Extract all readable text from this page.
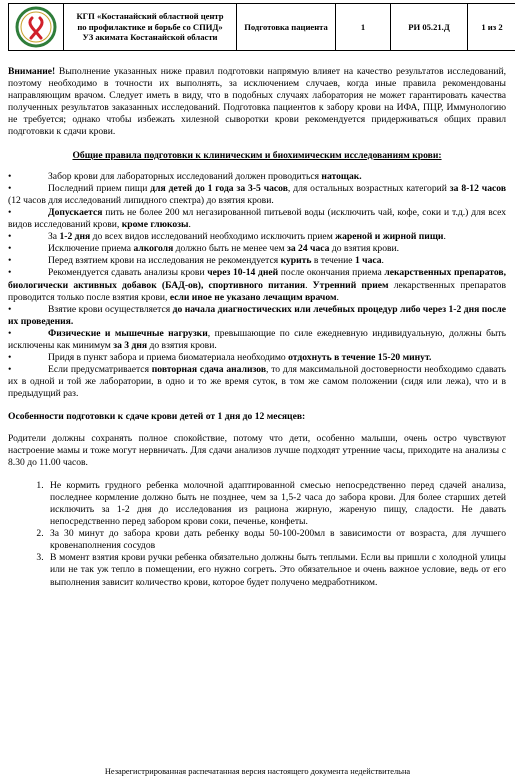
КГП «Костанайский областной центр
по профилактике и борьбе со СПИД»
УЗ акимата Костанайской области
	Подготовка пациента	1	РИ 05.21.Д	1 из 2

Внимание! Выполнение указанных ниже правил подготовки напрямую влияет на качество результатов исследований, поэтому необходимо в точности их выполнять, за исключением случаев, когда иные правила рекомендованы направляющим врачом. Следует иметь в виду, что в подобных случаях лаборатория не может гарантировать качества полученных результатов заказанных исследований. Подготовка пациентов к забору крови на ИФА, ПЦР, Иммунологию не требуется; однако чтобы избежать хилезной сыворотки крови рекомендуется придерживаться общих правил подготовки к сдачи крови.

Общие правила подготовки к клиническим и биохимическим исследованиям крови:

•	Забор крови для лабораторных исследований должен проводиться натощак.

•	Последний прием пищи для детей до 1 года за 3-5 часов, для остальных возрастных категорий за 8-12 часов (12 часов для исследований липидного спектра) до взятия крови.

•	Допускается пить не более 200 мл негазированной питьевой воды (исключить чай, кофе, соки и т.д.) для всех видов исследований крови, кроме глюкозы.

•	За 1-2 дня до всех видов исследований необходимо исключить прием жареной и жирной пищи.

•	Исключение приема алкоголя должно быть не менее чем за 24 часа до взятия крови.

•	Перед взятием крови на исследования не рекомендуется курить в течение 1 часа.

•	Рекомендуется сдавать анализы крови через 10-14 дней после окончания приема лекарственных препаратов, биологически активных добавок (БАД-ов), спортивного питания. Утренний прием лекарственных препаратов проводится только после взятия крови, если иное не указано лечащим врачом.

•	Взятие крови осуществляется до начала диагностических или лечебных процедур либо через 1-2 дня после их проведения.

•	Физические и мышечные нагрузки, превышающие по силе ежедневную индивидуальную, должны быть исключены как минимум за 3 дня до взятия крови.

•	Придя в пункт забора и приема биоматериала необходимо отдохнуть в течение 15-20 минут.

•	Если предусматривается повторная сдача анализов, то для максимальной достоверности необходимо сдавать их в одной и той же лаборатории, в одно и то же время суток, в том же самом положении (сидя или лежа), что и в предыдущий раз.

Особенности подготовки к сдаче крови детей от 1 дня до 12 месяцев:

Родители должны сохранять полное спокойствие, потому что дети, особенно малыши, очень остро чувствуют настроение мамы и тоже могут нервничать. Для сдачи анализов лучше подходят утренние часы, приходите на анализы с 8.30 до 11.00 часов.

1. Не кормить грудного ребенка молочной адаптированной смесью непосредственно перед сдачей анализа, последнее кормление должно быть не позднее, чем за 1,5-2 часа до забора крови. Для более старших детей исключить за 1-2 дня до исследования из рациона жирную, жареную пищу, сладости. Не давать непосредственно перед забором крови соки, печенье, конфеты.
2. За 30 минут до забора крови дать ребенку воды 50-100-200мл в зависимости от возраста, для лучшего кровенаполнения сосудов
3. В момент взятия крови ручки ребенка обязательно должны быть теплыми. Если вы пришли с холодной улицы или не так уж тепло в помещении, его нужно согреть. Это обязательное и очень важное условие, ведь от его выполнения зависит количество крови, которое будет получено медработником.
Незарегистрированная распечатанная версия настоящего документа недействительна
